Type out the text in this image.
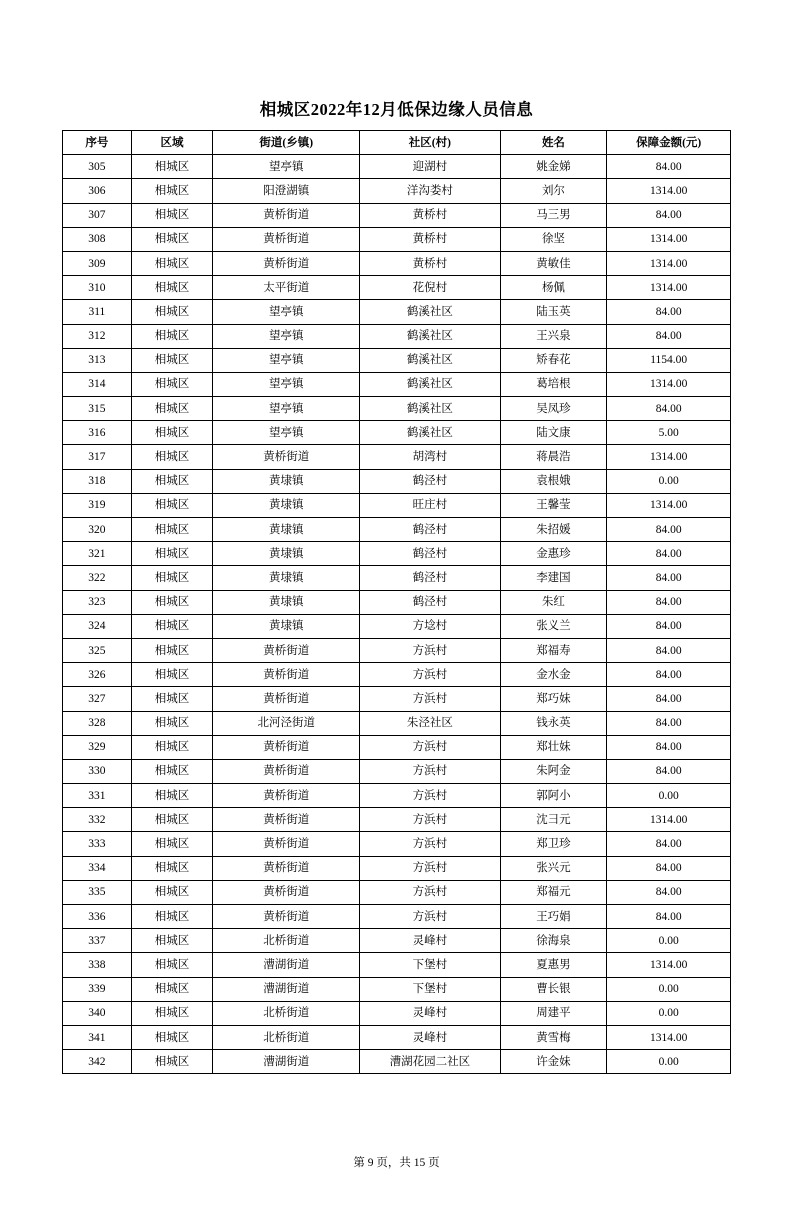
相城区2022年12月低保边缘人员信息
序号	区域	街道(乡镇)	社区(村)	姓名	保障金额(元)
305	相城区	望亭镇	迎湖村	姚金娣	84.00
306	相城区	阳澄湖镇	洋沟娄村	刘尔	1314.00
307	相城区	黄桥街道	黄桥村	马三男	84.00
308	相城区	黄桥街道	黄桥村	徐坚	1314.00
309	相城区	黄桥街道	黄桥村	黄敏佳	1314.00
310	相城区	太平街道	花倪村	杨佩	1314.00
311	相城区	望亭镇	鹤溪社区	陆玉英	84.00
312	相城区	望亭镇	鹤溪社区	王兴泉	84.00
313	相城区	望亭镇	鹤溪社区	矫春花	1154.00
314	相城区	望亭镇	鹤溪社区	葛培根	1314.00
315	相城区	望亭镇	鹤溪社区	吴凤珍	84.00
316	相城区	望亭镇	鹤溪社区	陆文康	5.00
317	相城区	黄桥街道	胡湾村	蒋晨浩	1314.00
318	相城区	黄埭镇	鹤泾村	袁根娥	0.00
319	相城区	黄埭镇	旺庄村	王馨莹	1314.00
320	相城区	黄埭镇	鹤泾村	朱招媛	84.00
321	相城区	黄埭镇	鹤泾村	金惠珍	84.00
322	相城区	黄埭镇	鹤泾村	李建国	84.00
323	相城区	黄埭镇	鹤泾村	朱红	84.00
324	相城区	黄埭镇	方埝村	张义兰	84.00
325	相城区	黄桥街道	方浜村	郑福寿	84.00
326	相城区	黄桥街道	方浜村	金水金	84.00
327	相城区	黄桥街道	方浜村	郑巧妹	84.00
328	相城区	北河泾街道	朱泾社区	钱永英	84.00
329	相城区	黄桥街道	方浜村	郑壮妹	84.00
330	相城区	黄桥街道	方浜村	朱阿金	84.00
331	相城区	黄桥街道	方浜村	郭阿小	0.00
332	相城区	黄桥街道	方浜村	沈彐元	1314.00
333	相城区	黄桥街道	方浜村	郑卫珍	84.00
334	相城区	黄桥街道	方浜村	张兴元	84.00
335	相城区	黄桥街道	方浜村	郑福元	84.00
336	相城区	黄桥街道	方浜村	王巧娟	84.00
337	相城区	北桥街道	灵峰村	徐海泉	0.00
338	相城区	漕湖街道	下堡村	夏惠男	1314.00
339	相城区	漕湖街道	下堡村	曹长银	0.00
340	相城区	北桥街道	灵峰村	周建平	0.00
341	相城区	北桥街道	灵峰村	黄雪梅	1314.00
342	相城区	漕湖街道	漕湖花园二社区	许金妹	0.00
第 9 页，共 15 页
